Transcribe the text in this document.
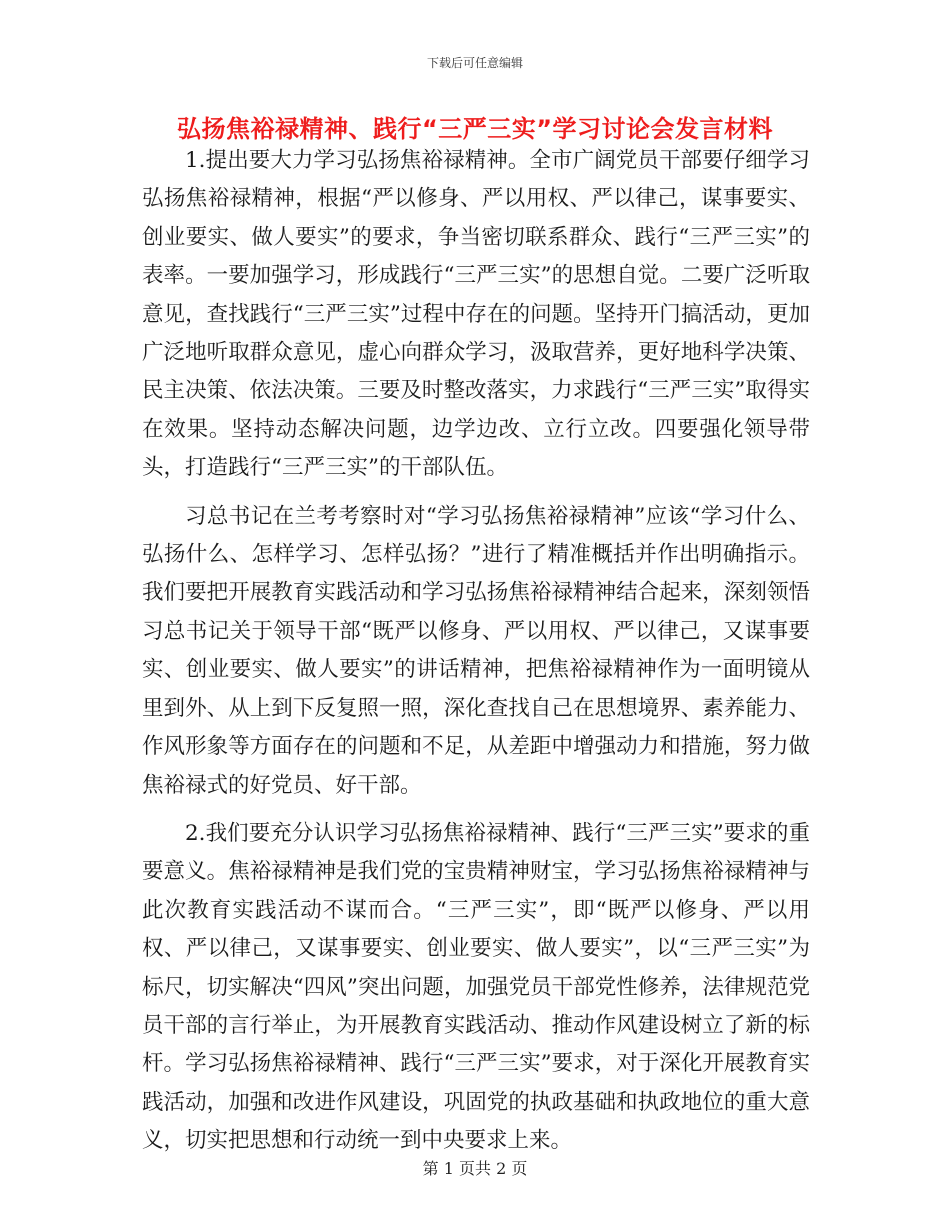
下载后可任意编辑
弘扬焦裕禄精神、践行“三严三实”学习讨论会发言材料

1.提出要大力学习弘扬焦裕禄精神。全市广阔党员干部要仔细学习弘扬焦裕禄精神，根据“严以修身、严以用权、严以律己，谋事要实、创业要实、做人要实”的要求，争当密切联系群众、践行“三严三实”的表率。一要加强学习，形成践行“三严三实”的思想自觉。二要广泛听取意见，查找践行“三严三实”过程中存在的问题。坚持开门搞活动，更加广泛地听取群众意见，虚心向群众学习，汲取营养，更好地科学决策、民主决策、依法决策。三要及时整改落实，力求践行“三严三实”取得实在效果。坚持动态解决问题，边学边改、立行立改。四要强化领导带头，打造践行“三严三实”的干部队伍。

习总书记在兰考考察时对“学习弘扬焦裕禄精神”应该“学习什么、弘扬什么、怎样学习、怎样弘扬？”进行了精准概括并作出明确指示。我们要把开展教育实践活动和学习弘扬焦裕禄精神结合起来，深刻领悟习总书记关于领导干部“既严以修身、严以用权、严以律己，又谋事要实、创业要实、做人要实”的讲话精神，把焦裕禄精神作为一面明镜从里到外、从上到下反复照一照，深化查找自己在思想境界、素养能力、作风形象等方面存在的问题和不足，从差距中增强动力和措施，努力做焦裕禄式的好党员、好干部。

2.我们要充分认识学习弘扬焦裕禄精神、践行“三严三实”要求的重要意义。焦裕禄精神是我们党的宝贵精神财宝，学习弘扬焦裕禄精神与此次教育实践活动不谋而合。“三严三实”，即“既严以修身、严以用权、严以律己，又谋事要实、创业要实、做人要实”，以“三严三实”为标尺，切实解决“四风”突出问题，加强党员干部党性修养，法律规范党员干部的言行举止，为开展教育实践活动、推动作风建设树立了新的标杆。学习弘扬焦裕禄精神、践行“三严三实”要求，对于深化开展教育实践活动，加强和改进作风建设，巩固党的执政基础和执政地位的重大意义，切实把思想和行动统一到中央要求上来。

第 1 页共 2 页
